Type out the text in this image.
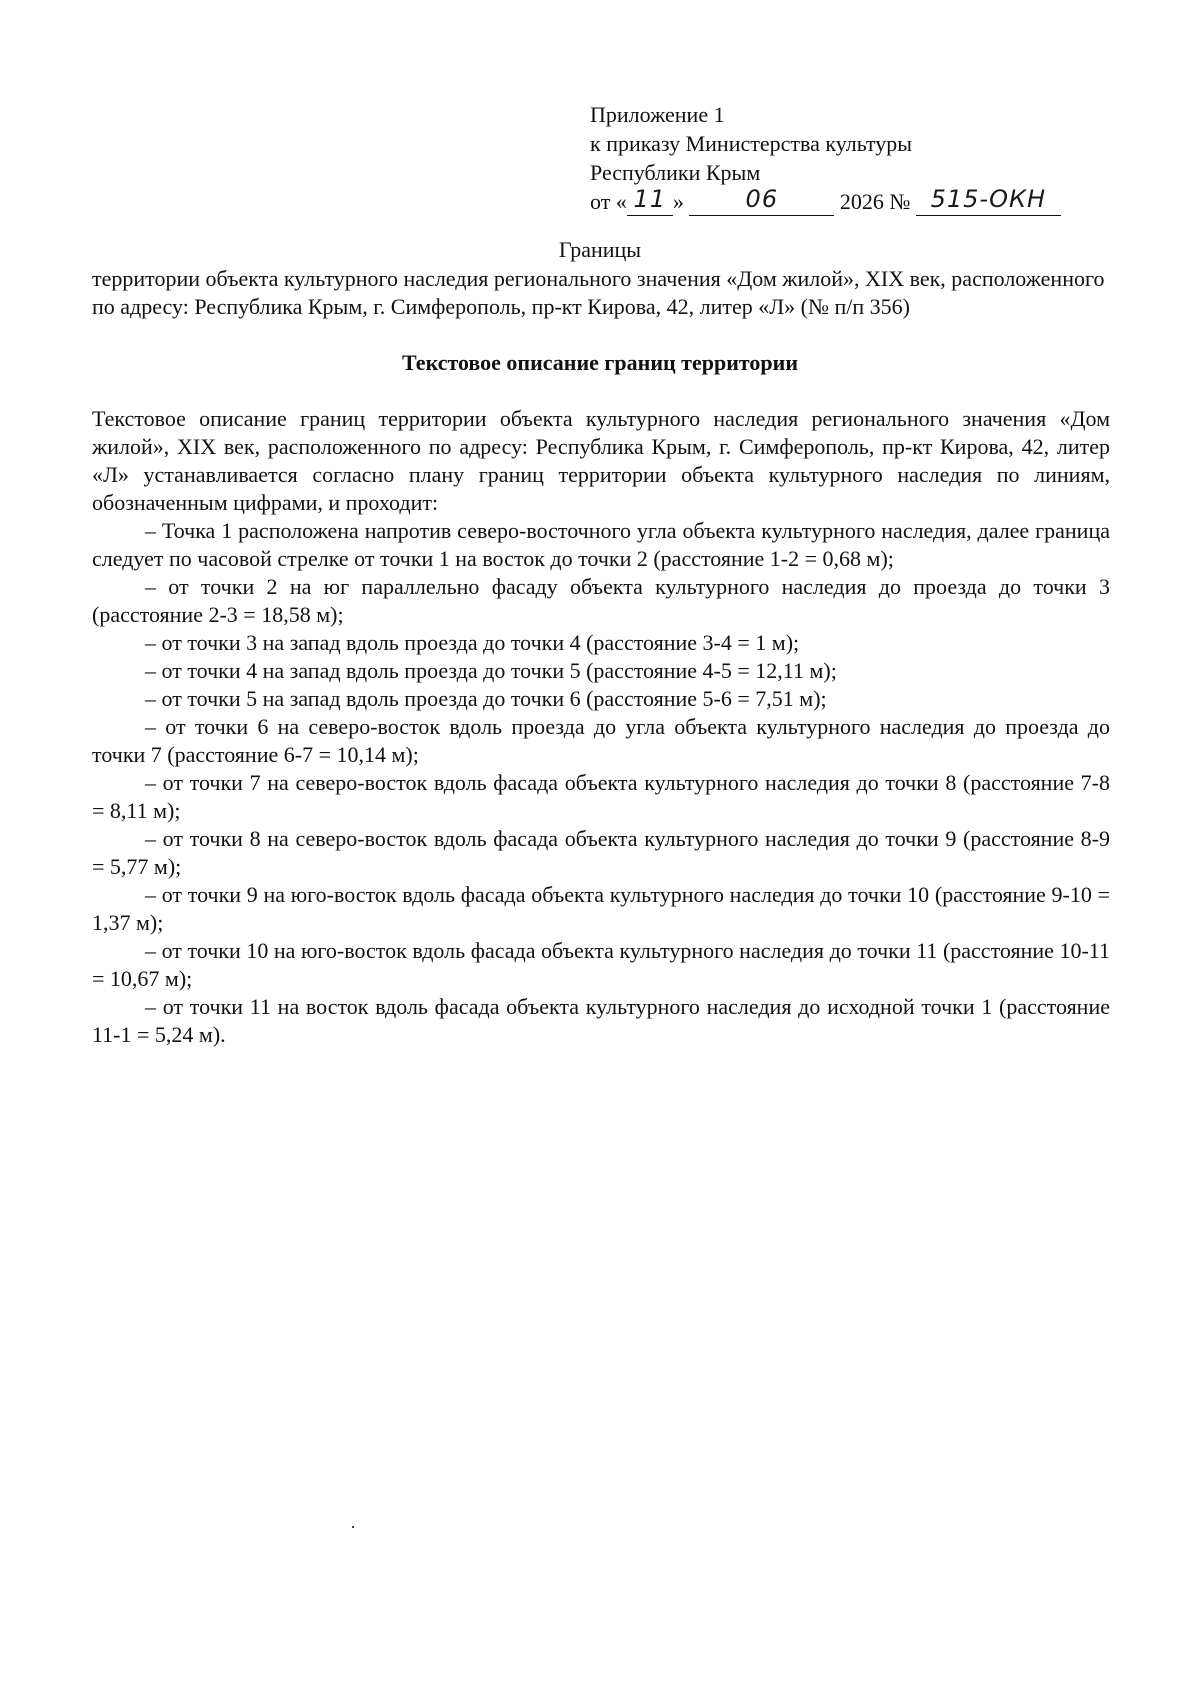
Приложение 1
к приказу Министерства культуры
Республики Крым
от « 11 »	06	2026 № 515-ОКН
Границы
территории объекта культурного наследия регионального значения «Дом жилой», XIX век, расположенного по адресу: Республика Крым, г. Симферополь, пр-кт Кирова, 42, литер «Л» (№ п/п 356)
Текстовое описание границ территории

Текстовое описание границ территории объекта культурного наследия регионального значения «Дом жилой», XIX век, расположенного по адресу: Республика Крым, г. Симферополь, пр-кт Кирова, 42, литер «Л» устанавливается согласно плану границ территории объекта культурного наследия по линиям, обозначенным цифрами, и проходит:

– Точка 1 расположена напротив северо-восточного угла объекта культурного наследия, далее граница следует по часовой стрелке от точки 1 на восток до точки 2 (расстояние 1-2 = 0,68 м);

– от точки 2 на юг параллельно фасаду объекта культурного наследия до проезда до точки 3 (расстояние 2-3 = 18,58 м);

– от точки 3 на запад вдоль проезда до точки 4 (расстояние 3-4 = 1 м);

– от точки 4 на запад вдоль проезда до точки 5 (расстояние 4-5 = 12,11 м);

– от точки 5 на запад вдоль проезда до точки 6 (расстояние 5-6 = 7,51 м);

– от точки 6 на северо-восток вдоль проезда до угла объекта культурного наследия до проезда до точки 7 (расстояние 6-7 = 10,14 м);

– от точки 7 на северо-восток вдоль фасада объекта культурного наследия до точки 8 (расстояние 7-8 = 8,11 м);

– от точки 8 на северо-восток вдоль фасада объекта культурного наследия до точки 9 (расстояние 8-9 = 5,77 м);

– от точки 9 на юго-восток вдоль фасада объекта культурного наследия до точки 10 (расстояние 9-10 = 1,37 м);

– от точки 10 на юго-восток вдоль фасада объекта культурного наследия до точки 11 (расстояние 10-11 = 10,67 м);

– от точки 11 на восток вдоль фасада объекта культурного наследия до исходной точки 1 (расстояние 11-1 = 5,24 м).
